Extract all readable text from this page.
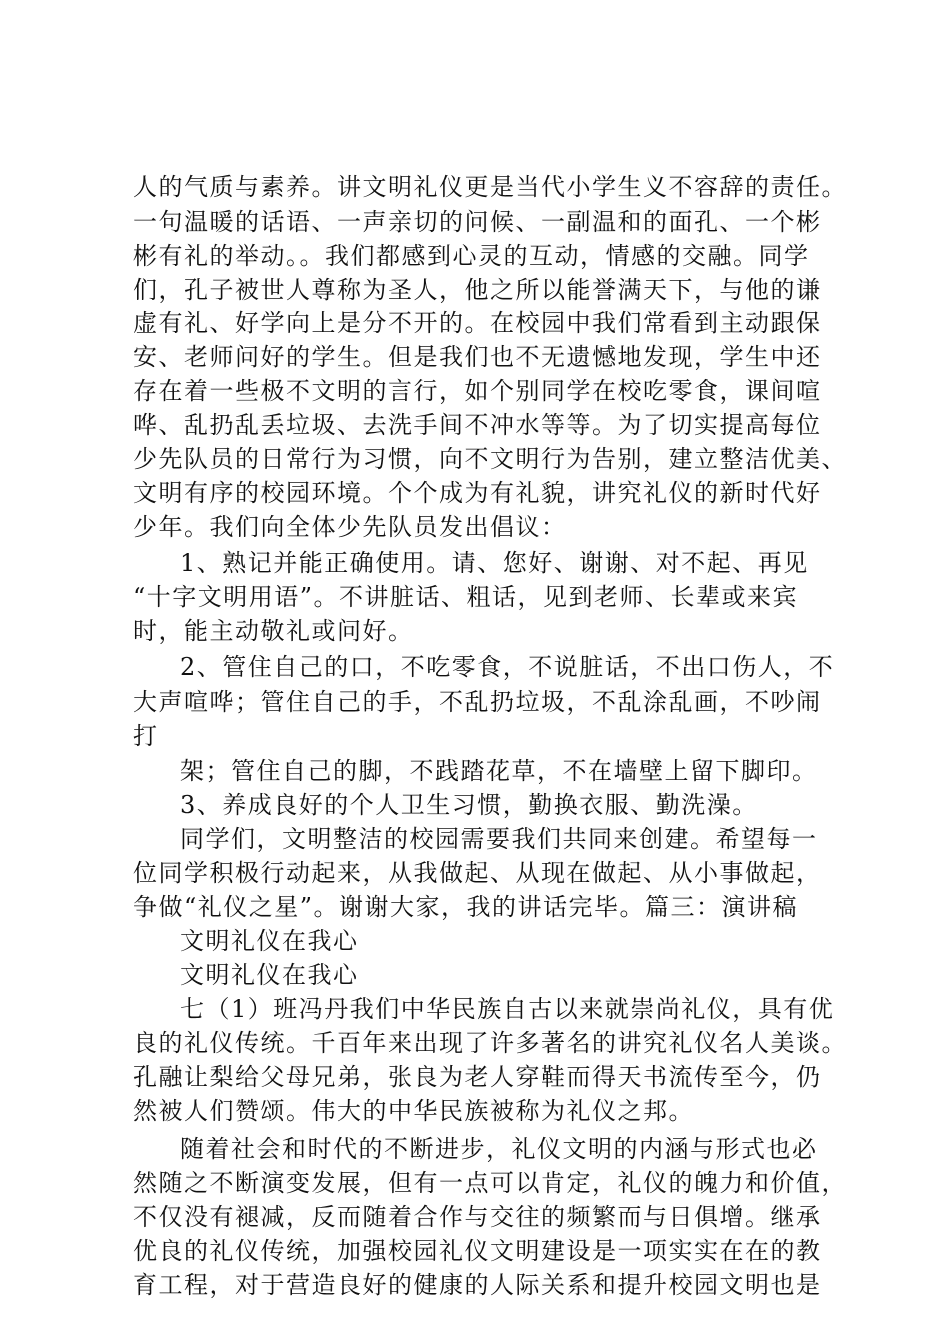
人的气质与素养。讲文明礼仪更是当代小学生义不容辞的责任。
一句温暖的话语、一声亲切的问候、一副温和的面孔、一个彬
彬有礼的举动。。我们都感到心灵的互动，情感的交融。同学
们，孔子被世人尊称为圣人，他之所以能誉满天下，与他的谦
虚有礼、好学向上是分不开的。在校园中我们常看到主动跟保
安、老师问好的学生。但是我们也不无遗憾地发现，学生中还
存在着一些极不文明的言行，如个别同学在校吃零食，课间喧
哗、乱扔乱丢垃圾、去洗手间不冲水等等。为了切实提高每位
少先队员的日常行为习惯，向不文明行为告别，建立整洁优美、
文明有序的校园环境。个个成为有礼貌，讲究礼仪的新时代好
少年。我们向全体少先队员发出倡议：
1、熟记并能正确使用。请、您好、谢谢、对不起、再见
“十字文明用语”。不讲脏话、粗话，见到老师、长辈或来宾
时，能主动敬礼或问好。
2、管住自己的口，不吃零食，不说脏话，不出口伤人，不
大声喧哗；管住自己的手，不乱扔垃圾，不乱涂乱画，不吵闹
打
架；管住自己的脚，不践踏花草，不在墙壁上留下脚印。
3、养成良好的个人卫生习惯，勤换衣服、勤洗澡。
同学们，文明整洁的校园需要我们共同来创建。希望每一
位同学积极行动起来，从我做起、从现在做起、从小事做起，
争做“礼仪之星”。谢谢大家，我的讲话完毕。篇三：演讲稿
文明礼仪在我心
文明礼仪在我心
七（1）班冯丹我们中华民族自古以来就崇尚礼仪，具有优
良的礼仪传统。千百年来出现了许多著名的讲究礼仪名人美谈。
孔融让梨给父母兄弟，张良为老人穿鞋而得天书流传至今，仍
然被人们赞颂。伟大的中华民族被称为礼仪之邦。
随着社会和时代的不断进步，礼仪文明的内涵与形式也必
然随之不断演变发展，但有一点可以肯定，礼仪的魄力和价值，
不仅没有褪减，反而随着合作与交往的频繁而与日俱增。继承
优良的礼仪传统，加强校园礼仪文明建设是一项实实在在的教
育工程，对于营造良好的健康的人际关系和提升校园文明也是
